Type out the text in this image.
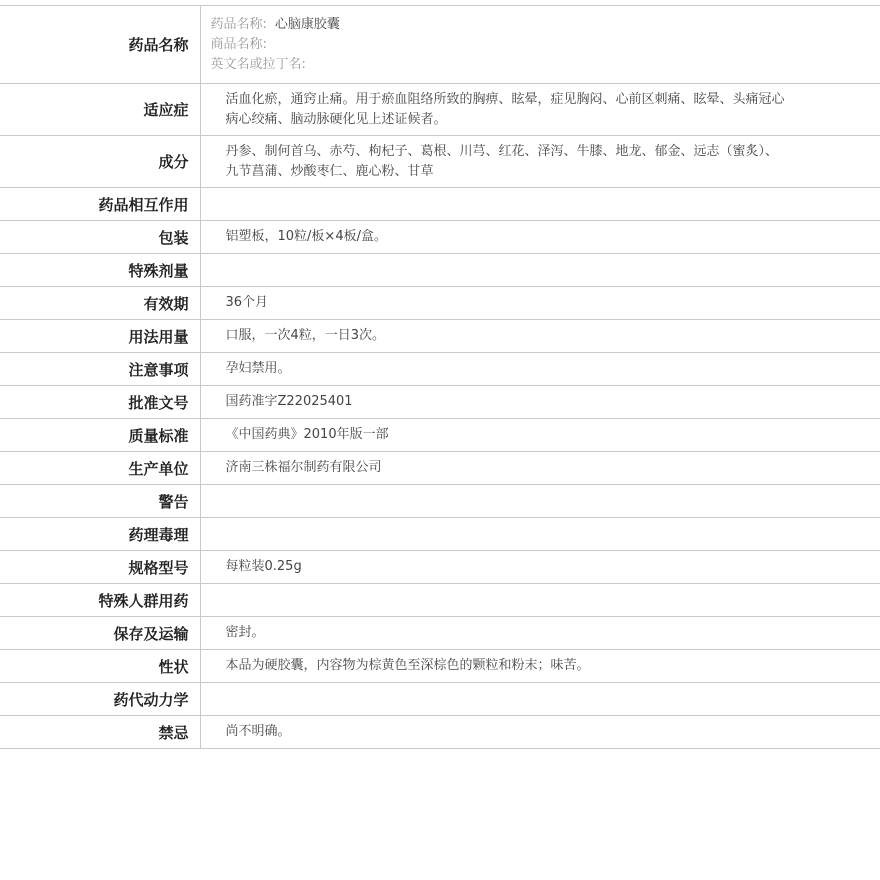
药品名称	药品名称: 心脑康胶囊
商品名称:
英文名或拉丁名:

适应症	活血化瘀，通窍止痛。用于瘀血阻络所致的胸痹、眩晕，症见胸闷、心前区刺痛、眩晕、头痛冠心病心绞痛、脑动脉硬化见上述证候者。

成分	丹参、制何首乌、赤芍、枸杞子、葛根、川芎、红花、泽泻、牛膝、地龙、郁金、远志（蜜炙）、九节菖蒲、炒酸枣仁、鹿心粉、甘草

药品相互作用	
包装	铝塑板，10粒/板×4板/盒。
特殊剂量	
有效期	36个月
用法用量	口服，一次4粒，一日3次。
注意事项	孕妇禁用。
批准文号	国药准字Z22025401
质量标准	《中国药典》2010年版一部
生产单位	济南三株福尔制药有限公司
警告	
药理毒理	
规格型号	每粒装0.25g
特殊人群用药	
保存及运输	密封。
性状	本品为硬胶囊，内容物为棕黄色至深棕色的颗粒和粉末；味苦。
药代动力学	
禁忌	尚不明确。
